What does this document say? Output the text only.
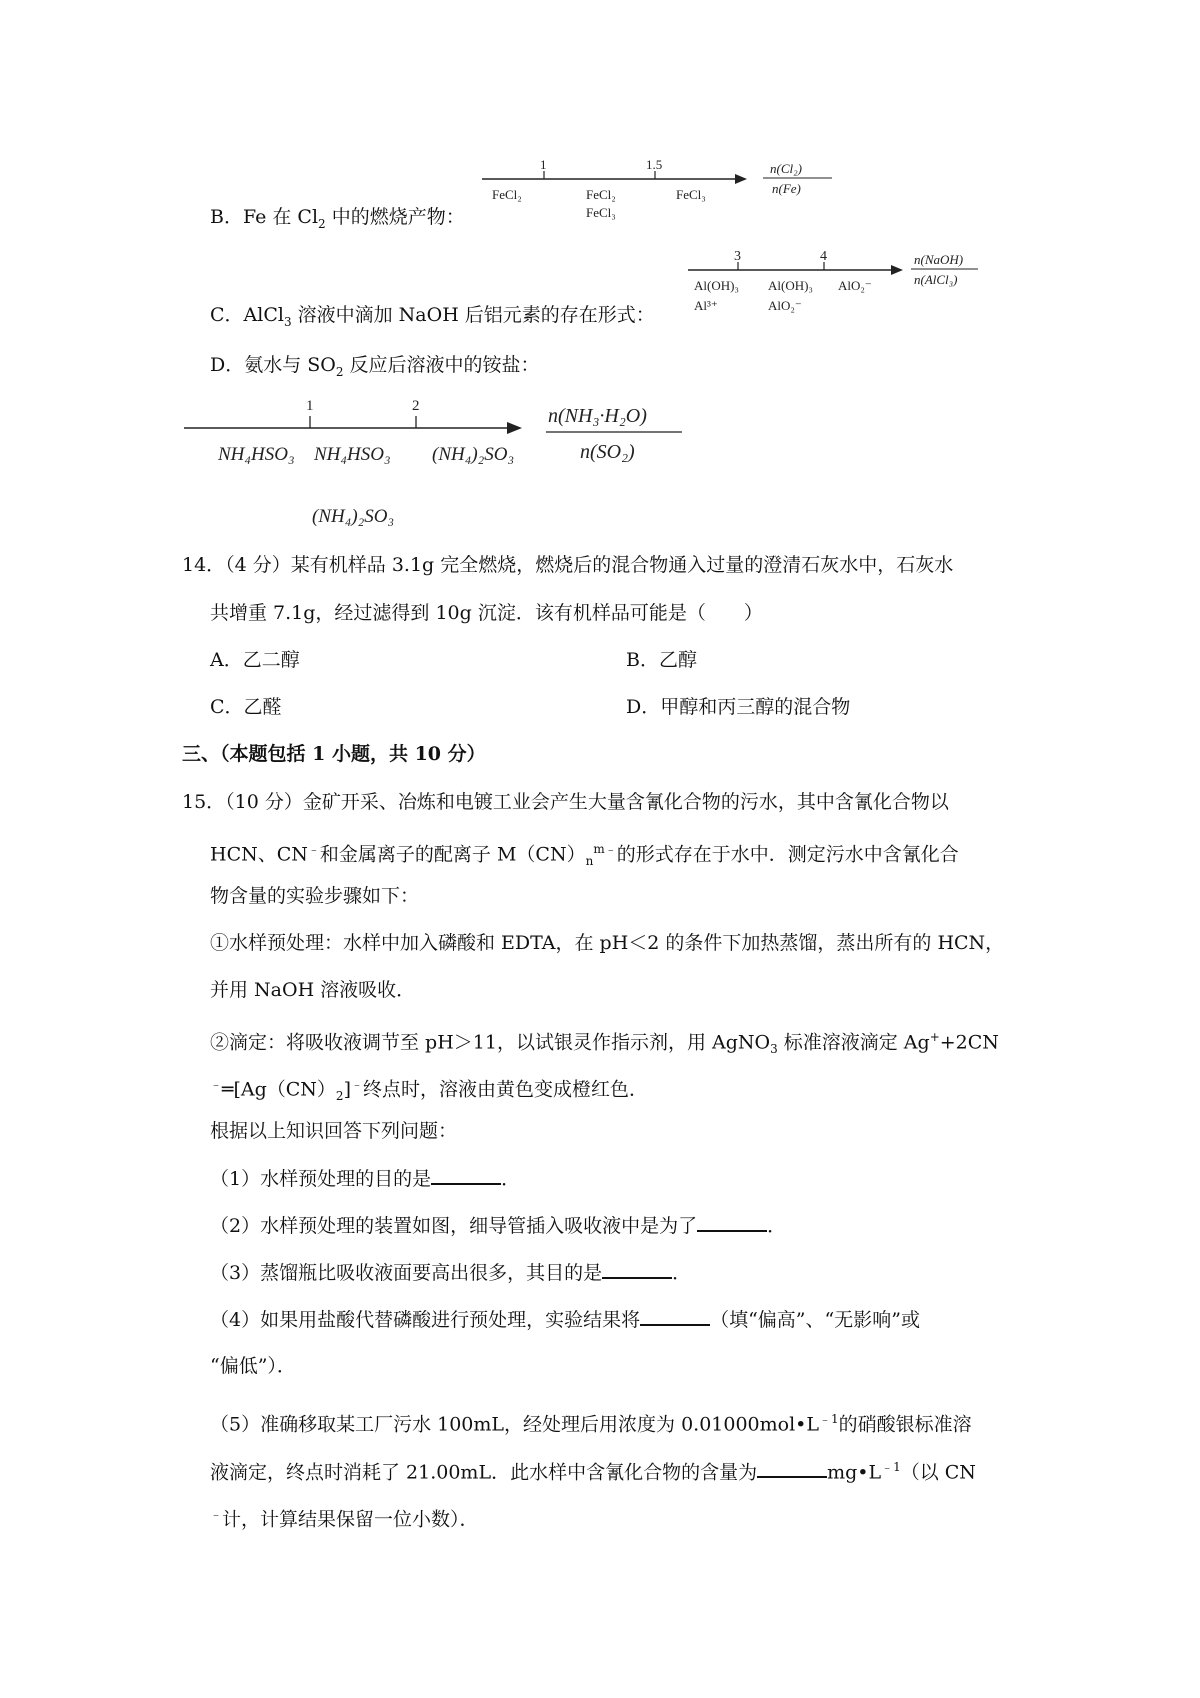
B．Fe 在 $Cl_2$ 中的燃烧产物：
1	1.5
FeCl₂	FeCl₂
FeCl₃
FeCl₃
n(Cl₂)
n(Fe)
C．AlCl$_3$ 溶液中滴加 NaOH 后铝元素的存在形式：
3	4
Al(OH)₃
Al³⁺
Al(OH)₃
AlO₂⁻
AlO₂⁻
n(NaOH)
n(AlCl₃)
D．氨水与 $SO_2$ 反应后溶液中的铵盐：
1	2
NH₄HSO₃ NH₄HSO₃ (NH₄)₂SO₃
(NH₄)₂SO₃
n(NH₃·H₂O)
n(SO₂)
14．（4 分）某有机样品 3.1g 完全燃烧，燃烧后的混合物通入过量的澄清石灰水中，石灰水
共增重 7.1g，经过滤得到 10g 沉淀．该有机样品可能是（　　）
A．乙二醇	B．乙醇
C．乙醛	D．甲醇和丙三醇的混合物
三、（本题包括 1 小题，共 10 分）
15．（10 分）金矿开采、冶炼和电镀工业会产生大量含氰化合物的污水，其中含氰化合物以
HCN、CN﹣和金属离子的配离子 $M(CN)_n^{m﹣}$的形式存在于水中．测定污水中含氰化合
物含量的实验步骤如下：
①水样预处理：水样中加入磷酸和 EDTA，在 pH＜2 的条件下加热蒸馏，蒸出所有的 HCN，
并用 NaOH 溶液吸收．
②滴定：将吸收液调节至 pH＞11，以试银灵作指示剂，用 AgNO$_3$ 标准溶液滴定 Ag++2CN
$^﹣═[Ag(CN)_2]^﹣$终点时，溶液由黄色变成橙红色．
根据以上知识回答下列问题：
（1）水样预处理的目的是	．
（2）水样预处理的装置如图，细导管插入吸收液中是为了	．
（3）蒸馏瓶比吸收液面要高出很多，其目的是	．
（4）如果用盐酸代替磷酸进行预处理，实验结果将	（填“偏高”、“无影响”或
“偏低”）．
（5）准确移取某工厂污水 100mL，经处理后用浓度为 $0.01000mol•L^{﹣1}$的硝酸银标准溶
液滴定，终点时消耗了 21.00mL．此水样中含氰化合物的含量为	$mg•L^{﹣1}$（以 CN
﹣计，计算结果保留一位小数）．
